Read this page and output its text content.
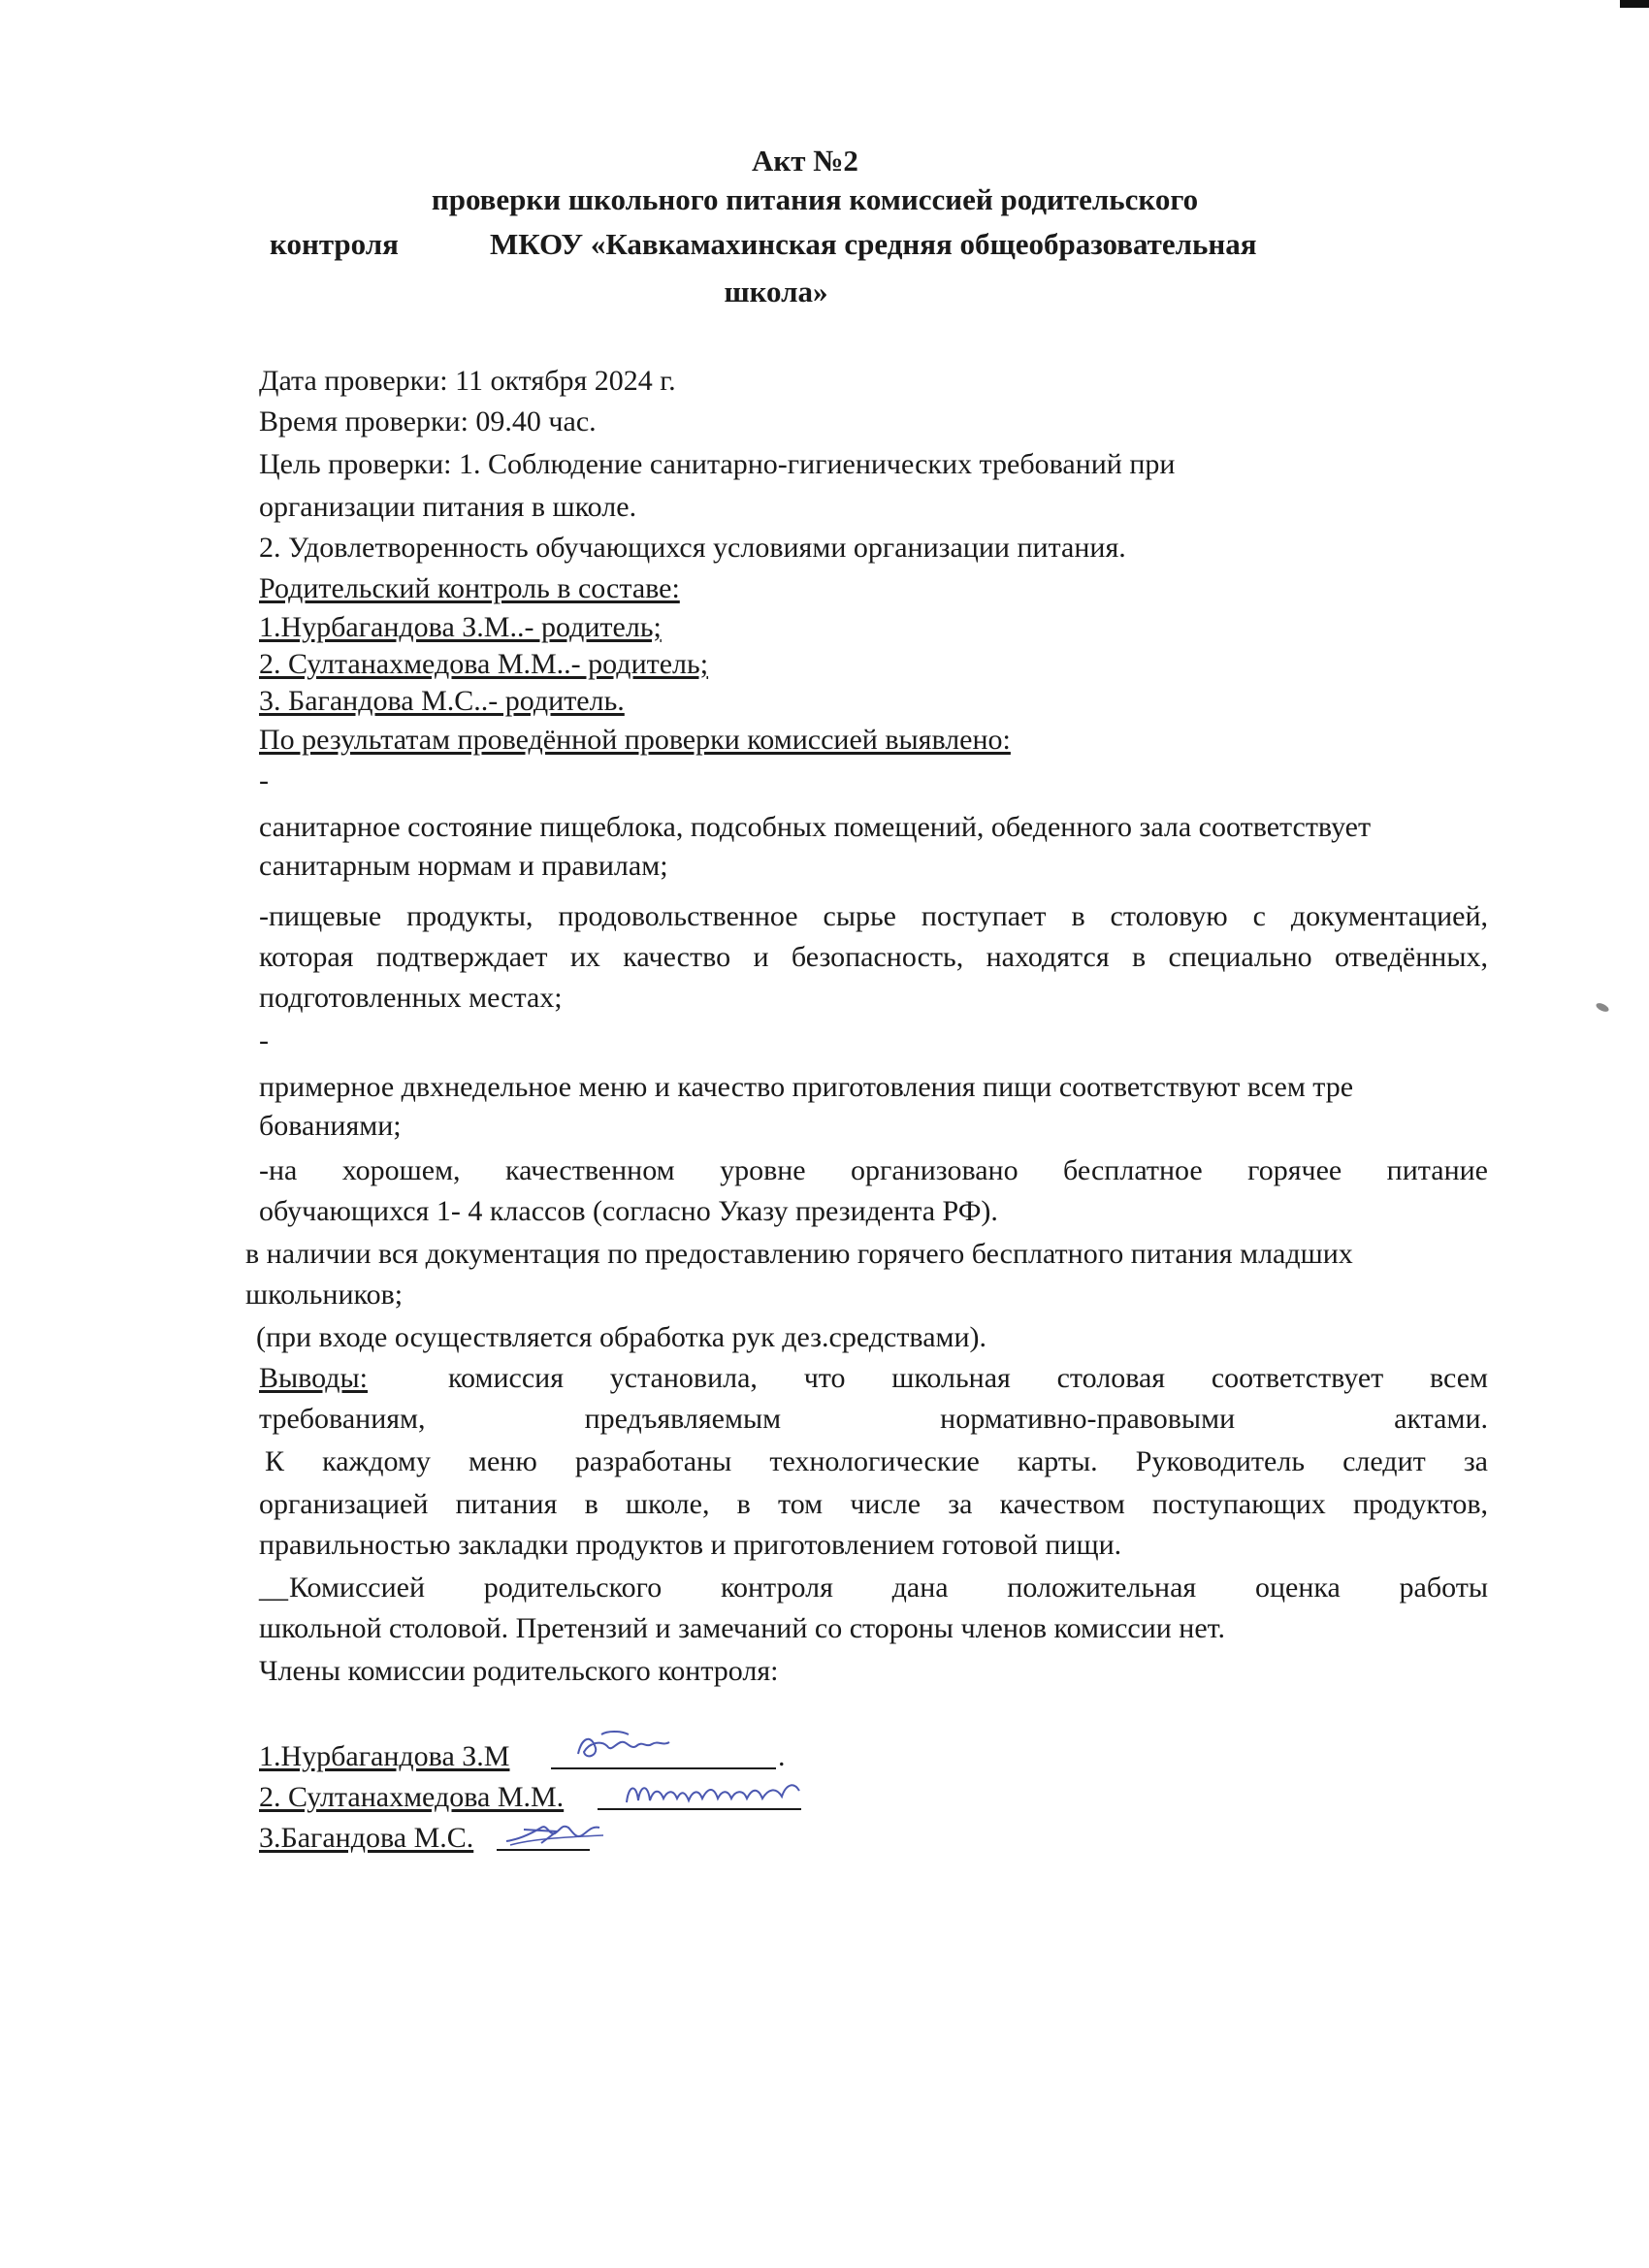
Акт №2
проверки школьного питания комиссией родительского
контроля	МКОУ «Кавкамахинская средняя общеобразовательная
школа»
Дата проверки: 11 октября 2024 г.
Время проверки: 09.40 час.
Цель проверки: 1. Соблюдение санитарно-гигиенических требований при
организации питания в школе.
2. Удовлетворенность обучающихся условиями организации питания.
Родительский контроль в составе:
1.Нурбагандова З.М..- родитель;
2. Султанахмедова М.М..- родитель;
3. Багандова М.С..- родитель.
По результатам проведённой проверки комиссией выявлено:
-
санитарное состояние пищеблока, подсобных помещений, обеденного зала соответствует
санитарным нормам и правилам;
-пищевые продукты, продовольственное сырье поступает в столовую с документацией,
которая подтверждает их качество и безопасность, находятся в специально отведённых,
подготовленных местах;
-
примерное двхнедельное меню и качество приготовления пищи соответствуют всем тре
бованиями;
-на хорошем, качественном уровне организовано бесплатное горячее питание
обучающихся 1- 4 классов (согласно Указу президента РФ).
в наличии вся документация по предоставлению горячего бесплатного питания младших
школьников;
(при входе осуществляется обработка рук дез.средствами).
Выводы:	комиссия установила, что школьная столовая соответствует всем
требованиям, предъявляемым нормативно-правовыми актами.
К каждому меню разработаны технологические карты. Руководитель следит за
организацией питания в школе, в том числе за качеством поступающих продуктов,
правильностью закладки продуктов и приготовлением готовой пищи.
__ Комиссией родительского контроля дана положительная оценка работы
школьной столовой. Претензий и замечаний со стороны членов комиссии нет.
Члены комиссии родительского контроля:
1.Нурбагандова З.М	.
2. Султанахмедова М.М.
3.Багандова М.С.
